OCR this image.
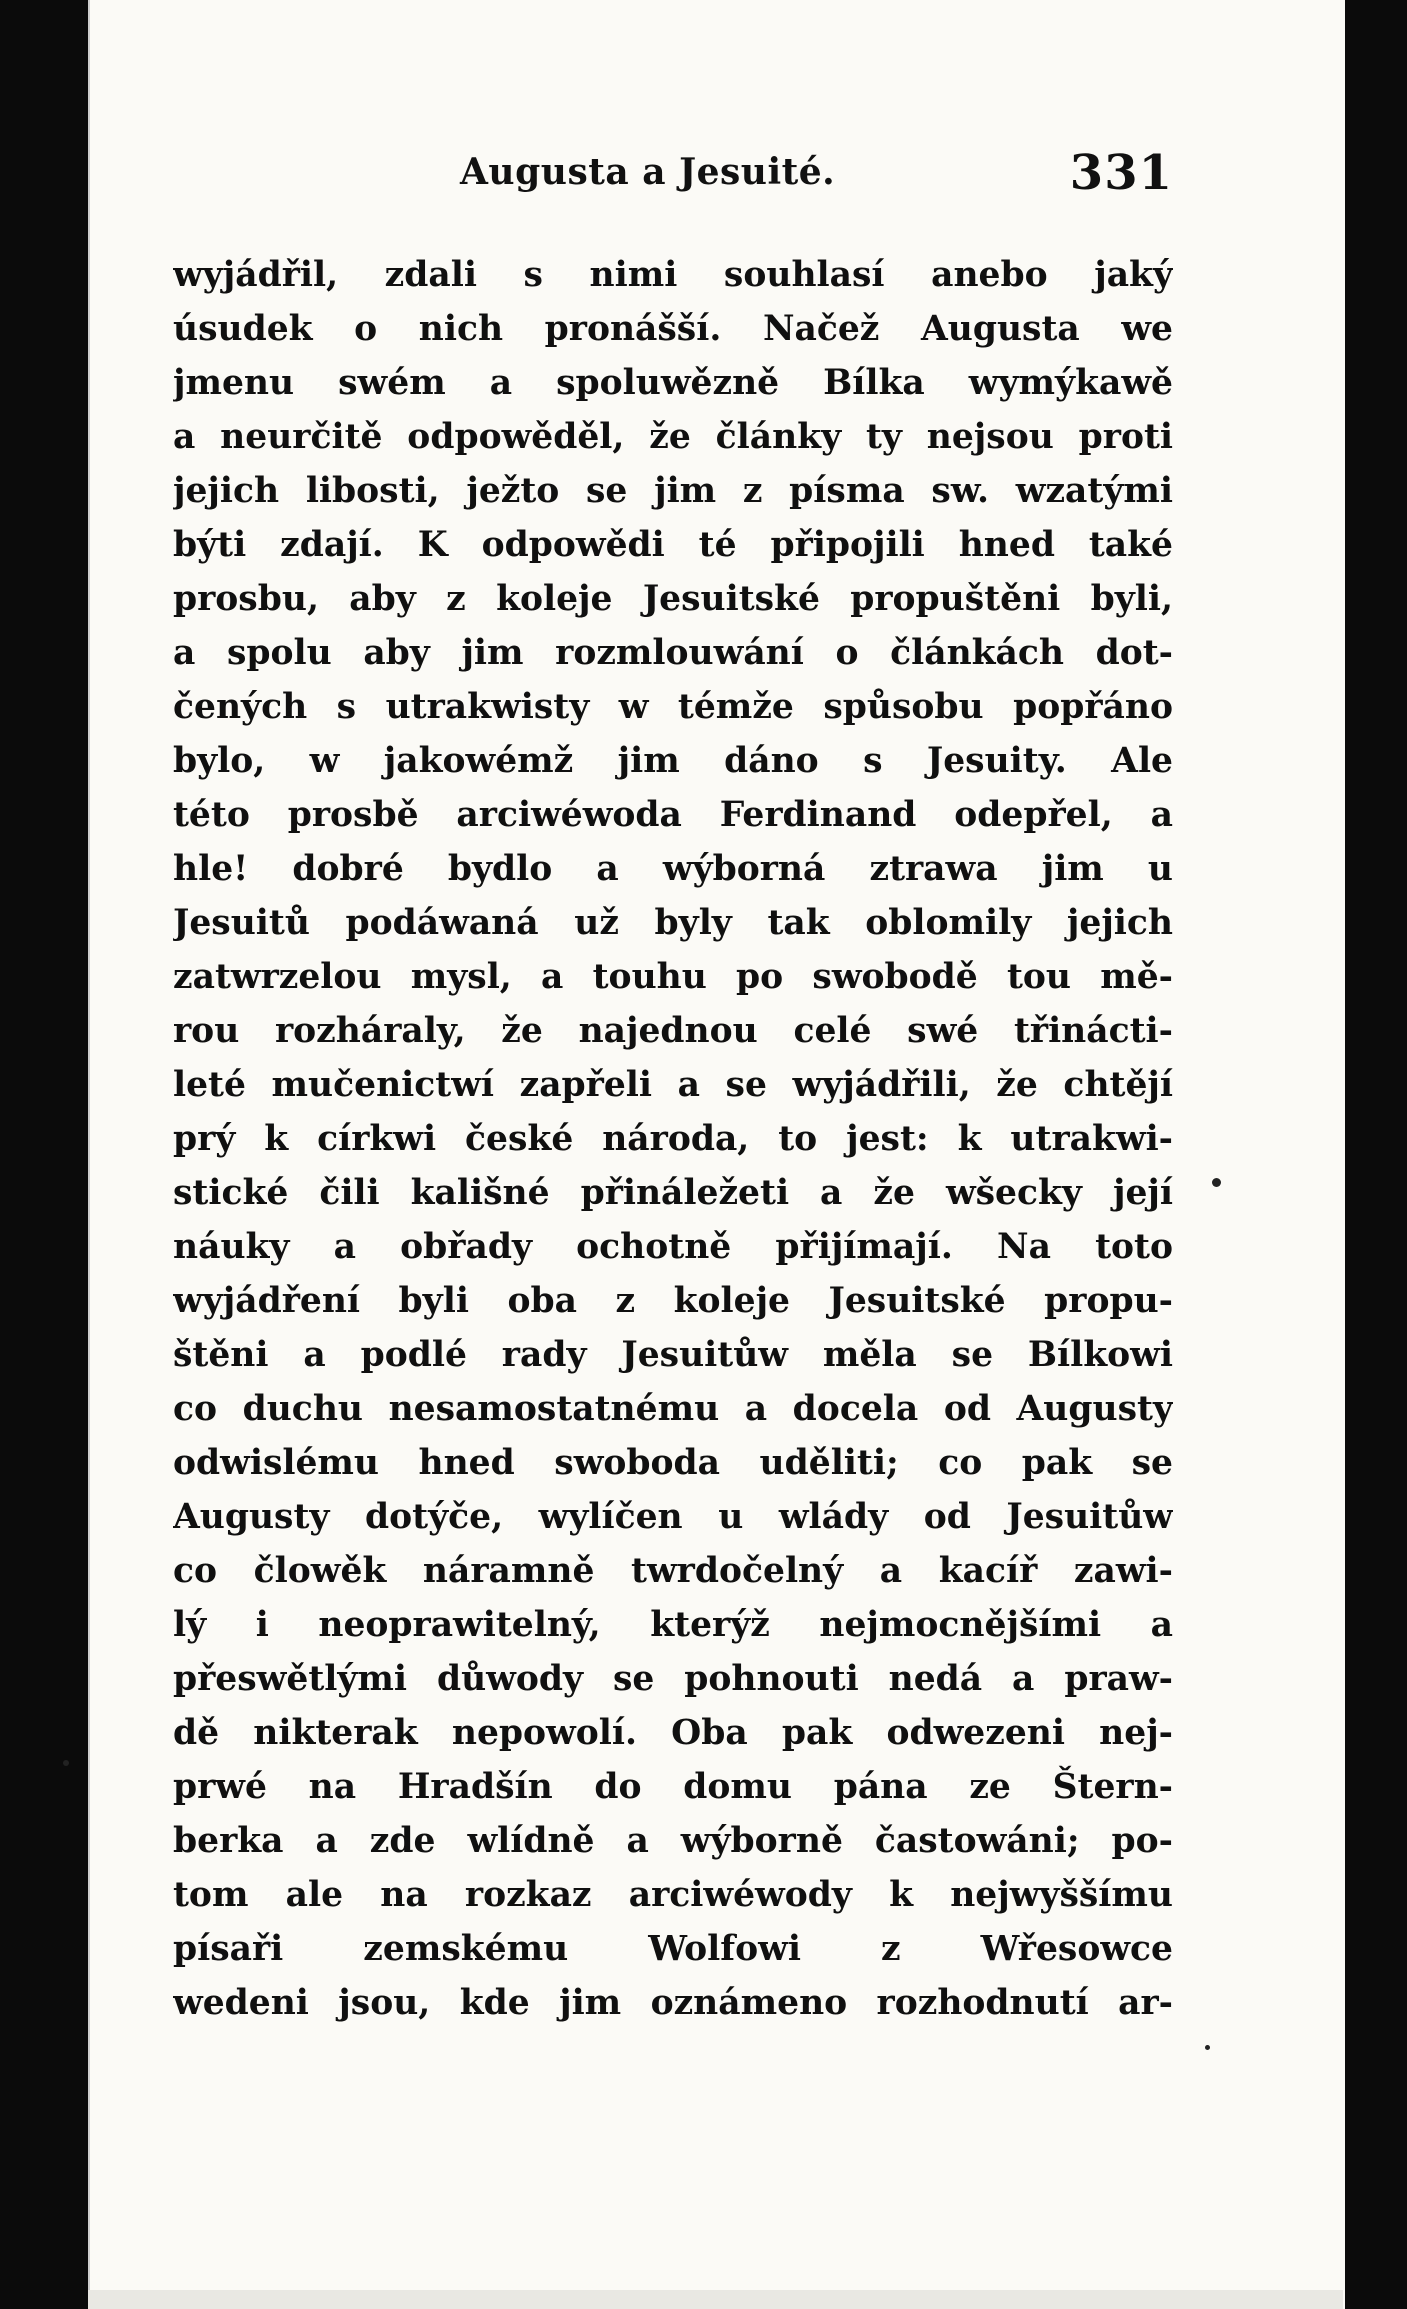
Augusta a Jesuité.	331
wyjádřil, zdali s nimi souhlasí anebo jaký
úsudek o nich pronášší. Načež Augusta we
jmenu swém a spoluwězně Bílka wymýkawě
a neurčitě odpowěděl, že články ty nejsou proti
jejich libosti, ježto se jim z písma sw. wzatými
býti zdají. K odpowědi té připojili hned také
prosbu, aby z koleje Jesuitské propuštěni byli,
a spolu aby jim rozmlouwání o článkách dot-
čených s utrakwisty w témže spůsobu popřáno
bylo, w jakowémž jim dáno s Jesuity. Ale
této prosbě arciwéwoda Ferdinand odepřel, a
hle! dobré bydlo a wýborná ztrawa jim u
Jesuitů podáwaná už byly tak oblomily jejich
zatwrzelou mysl, a touhu po swobodě tou mě-
rou rozháraly, že najednou celé swé třinácti-
leté mučenictwí zapřeli a se wyjádřili, že chtějí
prý k církwi české národa, to jest: k utrakwi-
stické čili kališné přináležeti a že wšecky její
náuky a obřady ochotně přijímají. Na toto
wyjádření byli oba z koleje Jesuitské propu-
štěni a podlé rady Jesuitůw měla se Bílkowi
co duchu nesamostatnému a docela od Augusty
odwislému hned swoboda uděliti; co pak se
Augusty dotýče, wylíčen u wlády od Jesuitůw
co člowěk náramně twrdočelný a kacíř zawi-
lý i neoprawitelný, kterýž nejmocnějšími a
přeswětlými důwody se pohnouti nedá a praw-
dě nikterak nepowolí. Oba pak odwezeni nej-
prwé na Hradšín do domu pána ze Štern-
berka a zde wlídně a wýborně častowáni; po-
tom ale na rozkaz arciwéwody k nejwyššímu
písaři zemskému Wolfowi z Wřesowce
wedeni jsou, kde jim oznámeno rozhodnutí ar-
